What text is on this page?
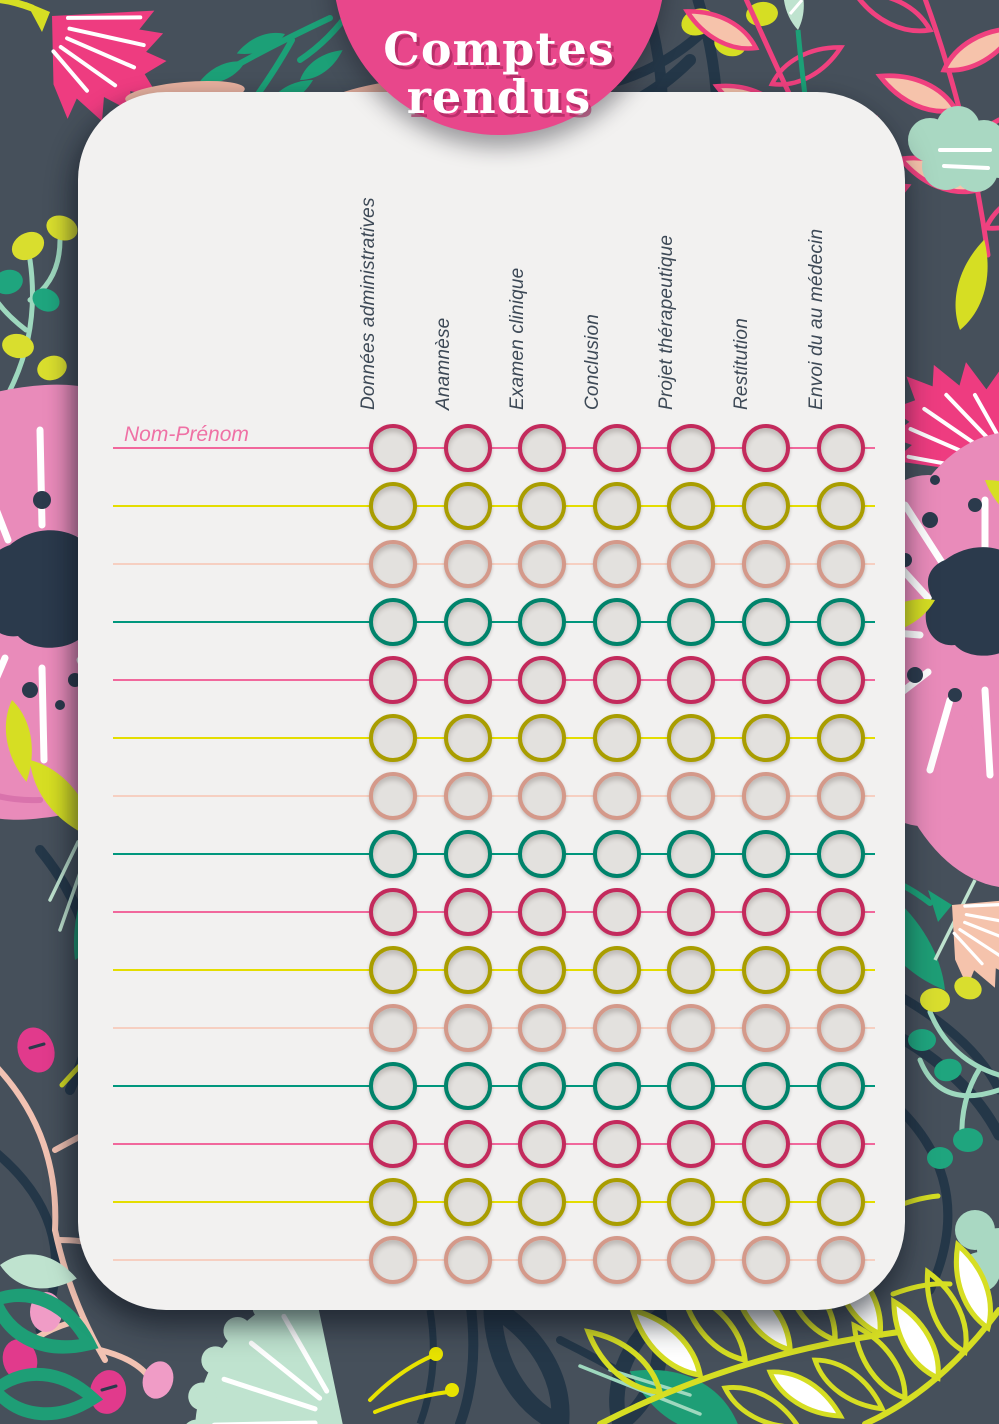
Données administratives	Anamnèse	Examen clinique	Conclusion	Projet thérapeutique	Restitution	Envoi du au médecin
Nom-Prénom
Comptes
rendus
